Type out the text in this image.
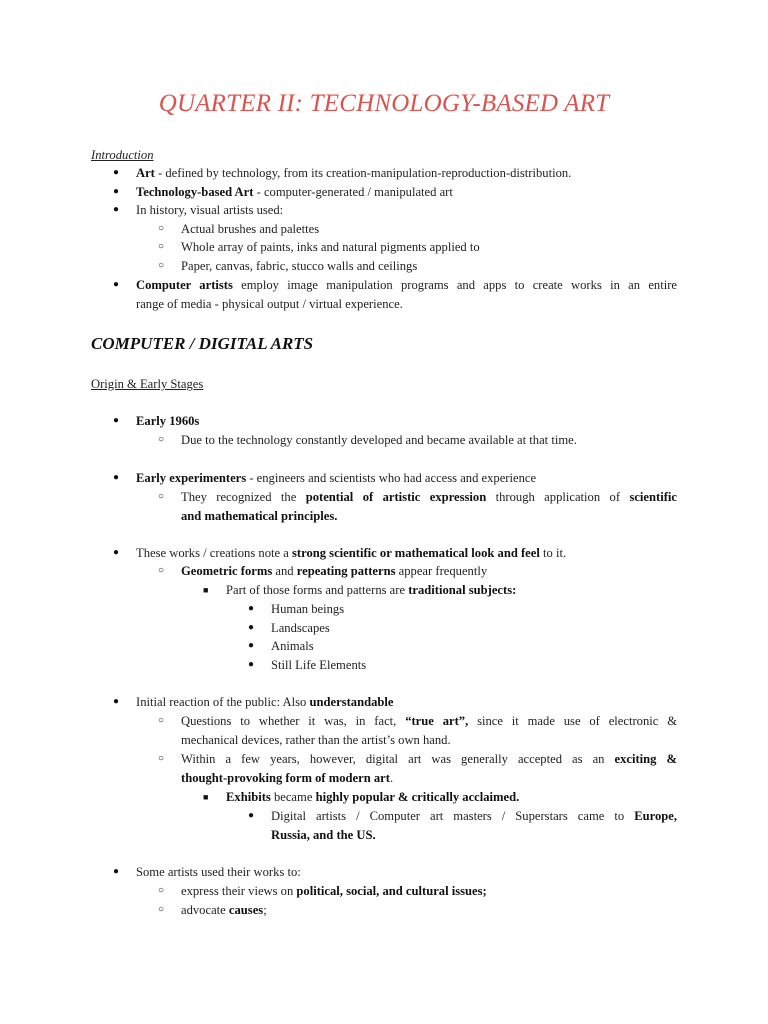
QUARTER II: TECHNOLOGY-BASED ART
Introduction
●
Art - defined by technology, from its creation-manipulation-reproduction-distribution.
●
Technology-based Art - computer-generated / manipulated art
●
In history, visual artists used:
○
Actual brushes and palettes
○
Whole array of paints, inks and natural pigments applied to
○
Paper, canvas, fabric, stucco walls and ceilings
●
Computer artists employ image manipulation programs and apps to create works in an entire
range of media - physical output / virtual experience.
COMPUTER / DIGITAL ARTS
Origin & Early Stages
●
Early 1960s
○
Due to the technology constantly developed and became available at that time.
●
Early experimenters - engineers and scientists who had access and experience
○
They recognized the potential of artistic expression through application of scientific
and mathematical principles.
●
These works / creations note a strong scientific or mathematical look and feel to it.
○
Geometric forms and repeating patterns appear frequently
■
Part of those forms and patterns are traditional subjects:
●
Human beings
●
Landscapes
●
Animals
●
Still Life Elements
●
Initial reaction of the public: Also understandable
○
Questions to whether it was, in fact, “true art”, since it made use of electronic &
mechanical devices, rather than the artist’s own hand.
○
Within a few years, however, digital art was generally accepted as an exciting &
thought-provoking form of modern art.
■
Exhibits became highly popular & critically acclaimed.
●
Digital artists / Computer art masters / Superstars came to Europe,
Russia, and the US.
●
Some artists used their works to:
○
express their views on political, social, and cultural issues;
○
advocate causes;
